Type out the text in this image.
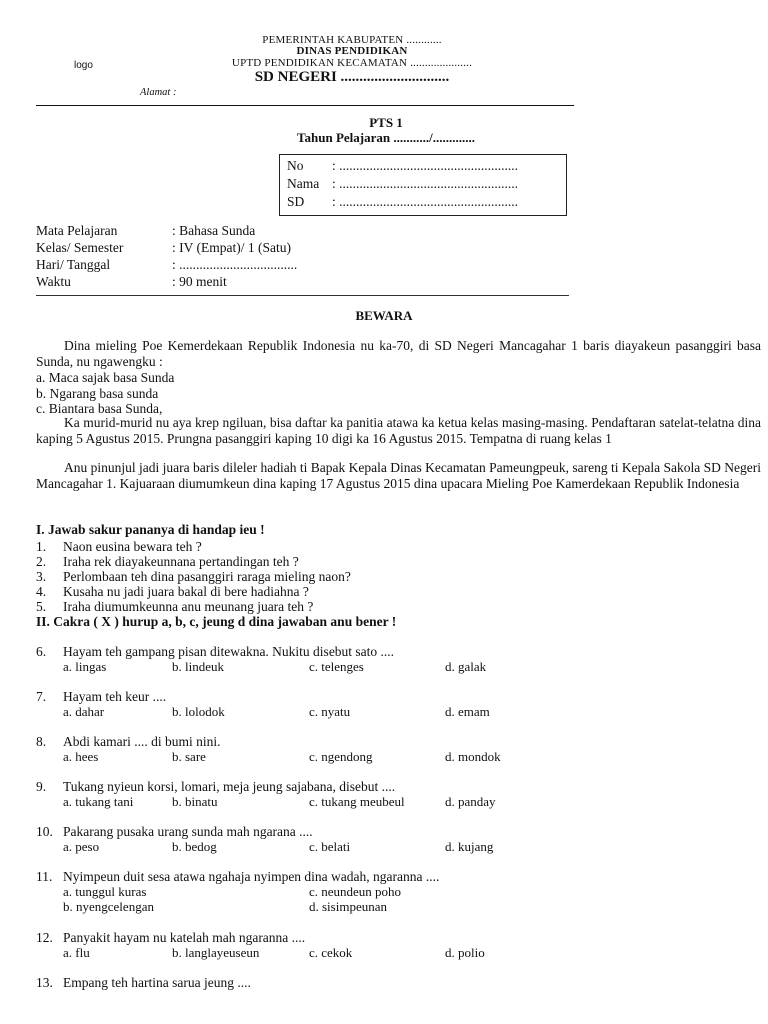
PEMERINTAH KABUPATEN ............
DINAS PENDIDIKAN
UPTD PENDIDIKAN KECAMATAN .....................
SD NEGERI .............................
logo
Alamat :
PTS 1
Tahun Pelajaran .........../.............
No : .....................................................
Nama : .....................................................
SD : .....................................................
Mata Pelajaran	: Bahasa Sunda
Kelas/ Semester	: IV (Empat)/ 1 (Satu)
Hari/ Tanggal	: ...................................
Waktu	: 90 menit
BEWARA
Dina mieling Poe Kemerdekaan Republik Indonesia nu ka-70, di SD Negeri Mancagahar 1 baris diayakeun pasanggiri basa Sunda, nu ngawengku :
a. Maca sajak basa Sunda
b. Ngarang basa sunda
c. Biantara basa Sunda,
Ka murid-murid nu aya krep ngiluan, bisa daftar ka panitia atawa ka ketua kelas masing-masing. Pendaftaran satelat-telatna dina kaping 5 Agustus 2015. Prungna pasanggiri kaping 10 digi ka 16 Agustus 2015. Tempatna di ruang kelas 1
Anu pinunjul jadi juara baris dileler hadiah ti Bapak Kepala Dinas Kecamatan Pameungpeuk, sareng ti Kepala Sakola SD Negeri Mancagahar 1. Kajuaraan diumumkeun dina kaping 17 Agustus 2015 dina upacara Mieling Poe Kamerdekaan Republik Indonesia
I. Jawab sakur pananya di handap ieu !
1. Naon eusina bewara teh ?
2. Iraha rek diayakeunnana pertandingan teh ?
3. Perlombaan teh dina pasanggiri raraga mieling naon?
4. Kusaha nu jadi juara bakal di bere hadiahna ?
5. Iraha diumumkeunna anu meunang juara teh ?
II. Cakra ( X ) hurup a, b, c, jeung d dina jawaban anu bener !
6. Hayam teh gampang pisan ditewakna. Nukitu disebut sato ....
a. lingas	b. lindeuk	c. telenges	d. galak
7. Hayam teh keur ....
a. dahar	b. lolodok	c. nyatu	d. emam
8. Abdi kamari .... di bumi nini.
a. hees	b. sare	c. ngendong	d. mondok
9. Tukang nyieun korsi, lomari, meja jeung sajabana, disebut ....
a. tukang tani	b. binatu	c. tukang meubeul	d. panday
10. Pakarang pusaka urang sunda mah ngarana ....
a. peso	b. bedog	c. belati	d. kujang
11. Nyimpeun duit sesa atawa ngahaja nyimpen dina wadah, ngaranna ....
a. tunggul kuras	c. neundeun poho
b. nyengcelengan	d. sisimpeunan
12. Panyakit hayam nu katelah mah ngaranna ....
a. flu	b. langlayeuseun	c. cekok	d. polio
13. Empang teh hartina sarua jeung ....
